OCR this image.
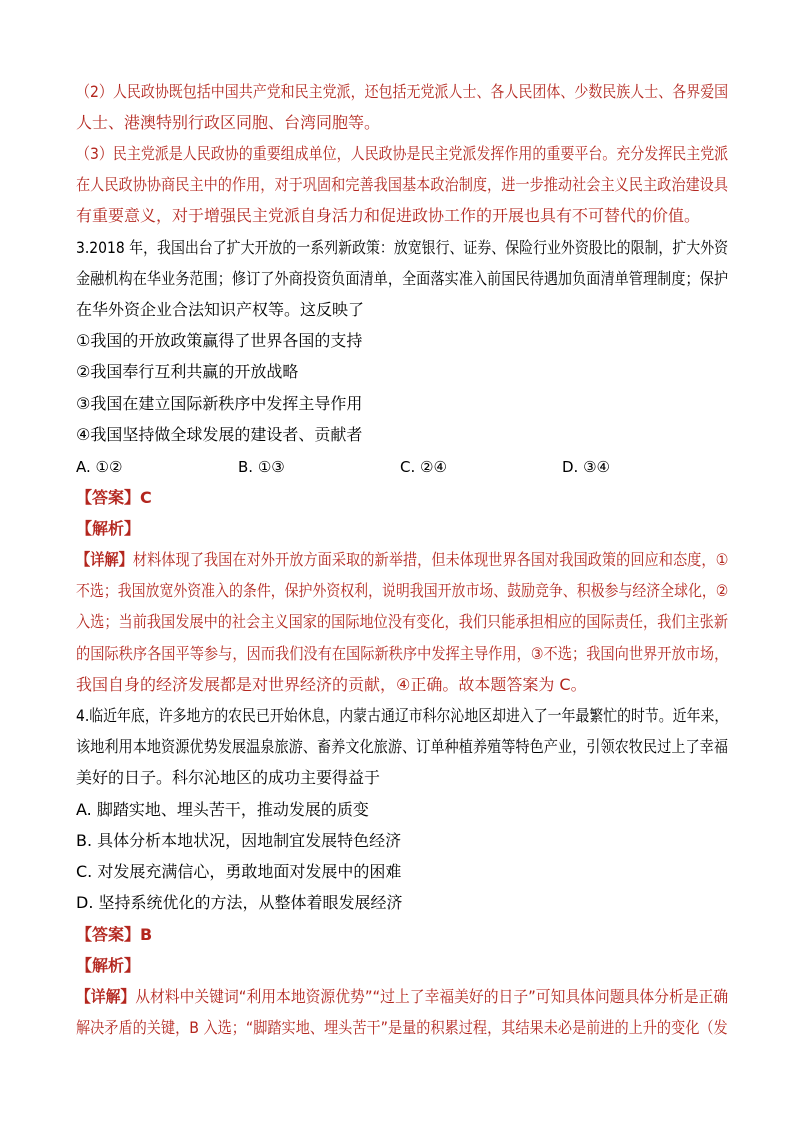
（2）人民政协既包括中国共产党和民主党派，还包括无党派人士、各人民团体、少数民族人士、各界爱国
人士、港澳特别行政区同胞、台湾同胞等。
（3）民主党派是人民政协的重要组成单位，人民政协是民主党派发挥作用的重要平台。充分发挥民主党派
在人民政协协商民主中的作用，对于巩固和完善我国基本政治制度，进一步推动社会主义民主政治建设具
有重要意义，对于增强民主党派自身活力和促进政协工作的开展也具有不可替代的价值。
3.2018 年，我国出台了扩大开放的一系列新政策：放宽银行、证券、保险行业外资股比的限制，扩大外资
金融机构在华业务范围；修订了外商投资负面清单，全面落实准入前国民待遇加负面清单管理制度；保护
在华外资企业合法知识产权等。这反映了
①我国的开放政策赢得了世界各国的支持
②我国奉行互利共赢的开放战略
③我国在建立国际新秩序中发挥主导作用
④我国坚持做全球发展的建设者、贡献者
A. ①②	B. ①③	C. ②④	D. ③④
【答案】C
【解析】
【详解】材料体现了我国在对外开放方面采取的新举措，但未体现世界各国对我国政策的回应和态度，①
不选；我国放宽外资准入的条件，保护外资权利，说明我国开放市场、鼓励竞争、积极参与经济全球化，②
入选；当前我国发展中的社会主义国家的国际地位没有变化，我们只能承担相应的国际责任，我们主张新
的国际秩序各国平等参与，因而我们没有在国际新秩序中发挥主导作用，③不选；我国向世界开放市场，
我国自身的经济发展都是对世界经济的贡献，④正确。故本题答案为 C。
4.临近年底，许多地方的农民已开始休息，内蒙古通辽市科尔沁地区却进入了一年最繁忙的时节。近年来，
该地利用本地资源优势发展温泉旅游、畜养文化旅游、订单种植养殖等特色产业，引领农牧民过上了幸福
美好的日子。科尔沁地区的成功主要得益于
A. 脚踏实地、埋头苦干，推动发展的质变
B. 具体分析本地状况，因地制宜发展特色经济
C. 对发展充满信心，勇敢地面对发展中的困难
D. 坚持系统优化的方法，从整体着眼发展经济
【答案】B
【解析】
【详解】从材料中关键词“利用本地资源优势”“过上了幸福美好的日子”可知具体问题具体分析是正确
解决矛盾的关键，B 入选；“脚踏实地、埋头苦干”是量的积累过程，其结果未必是前进的上升的变化（发
